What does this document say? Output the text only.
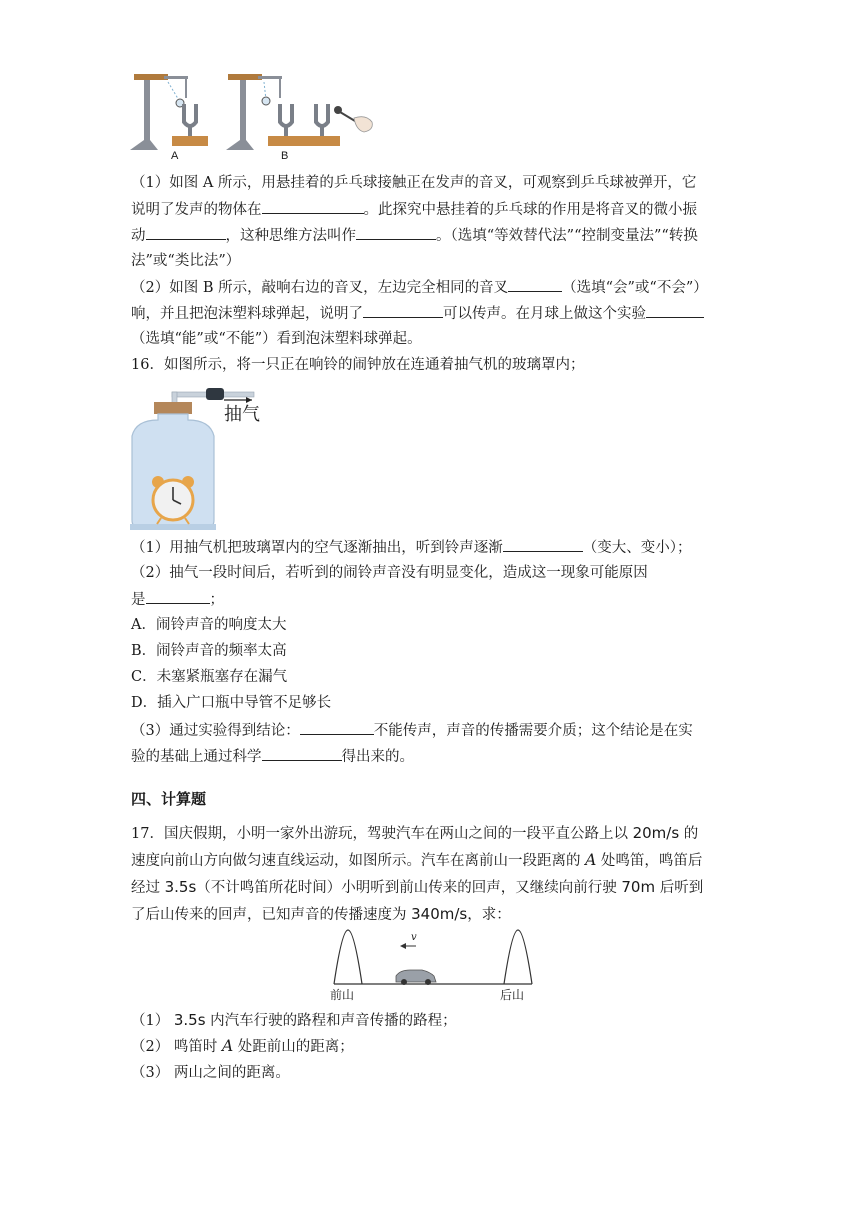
A	B
（1）如图 A 所示，用悬挂着的乒乓球接触正在发声的音叉，可观察到乒乓球被弹开，它
说明了发声的物体在	。此探究中悬挂着的乒乓球的作用是将音叉的微小振
动	，这种思维方法叫作	。（选填“等效替代法”“控制变量法”“转换
法”或“类比法”）
（2）如图 B 所示，敲响右边的音叉，左边完全相同的音叉	（选填“会”或“不会”）
响，并且把泡沫塑料球弹起，说明了	可以传声。在月球上做这个实验
（选填“能”或“不能”）看到泡沫塑料球弹起。
16．如图所示，将一只正在响铃的闹钟放在连通着抽气机的玻璃罩内；
抽气
（1）用抽气机把玻璃罩内的空气逐渐抽出，听到铃声逐渐	（变大、变小）；
（2）抽气一段时间后，若听到的闹铃声音没有明显变化，造成这一现象可能原因
是	；
A．闹铃声音的响度太大
B．闹铃声音的频率太高
C．未塞紧瓶塞存在漏气
D．插入广口瓶中导管不足够长
（3）通过实验得到结论：	不能传声，声音的传播需要介质；这个结论是在实
验的基础上通过科学	得出来的。
四、计算题
17．国庆假期，小明一家外出游玩，驾驶汽车在两山之间的一段平直公路上以 20m/s 的
速度向前山方向做匀速直线运动，如图所示。汽车在离前山一段距离的 A 处鸣笛，鸣笛后
经过 3.5s（不计鸣笛所花时间）小明听到前山传来的回声，又继续向前行驶 70m 后听到
了后山传来的回声，已知声音的传播速度为 340m/s，求：
v
前山	后山
（1） 3.5s 内汽车行驶的路程和声音传播的路程；
（2） 鸣笛时 A 处距前山的距离；
（3） 两山之间的距离。
